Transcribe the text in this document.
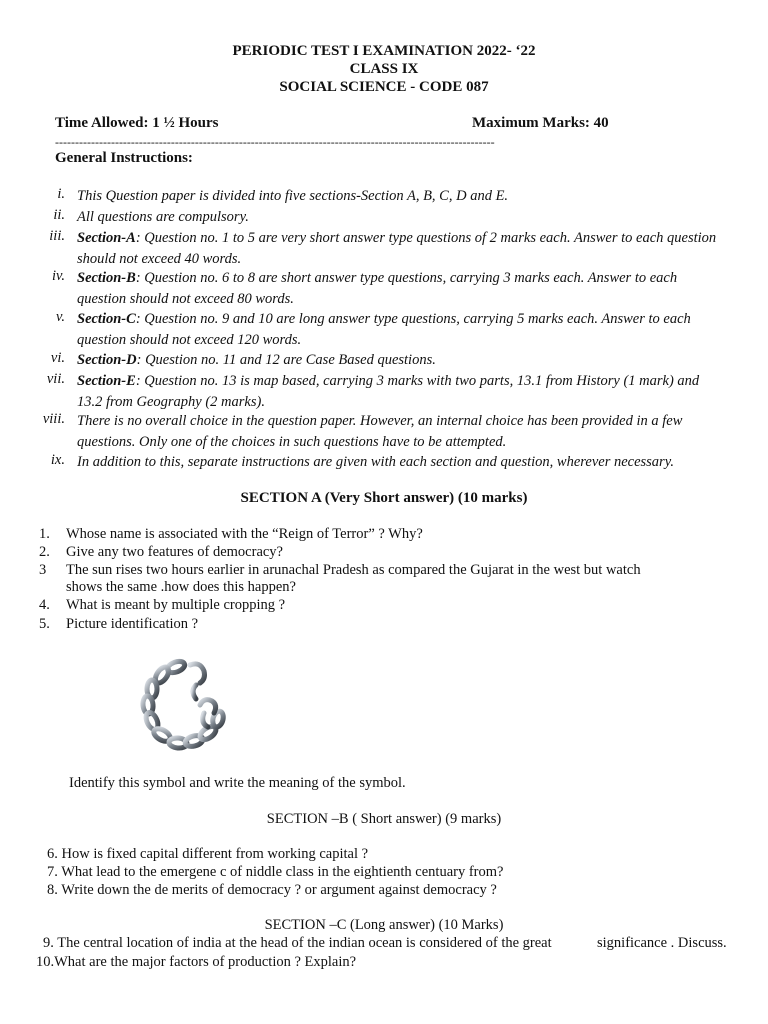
PERIODIC TEST I EXAMINATION 2022- ‘22
CLASS IX
SOCIAL SCIENCE - CODE 087
Time Allowed: 1 ½ Hours	Maximum Marks: 40
--------------------------------------------------------------------------------------------------------------
General Instructions:
i. This Question paper is divided into five sections-Section A, B, C, D and E.
ii. All questions are compulsory.
iii. Section-A: Question no. 1 to 5 are very short answer type questions of 2 marks each. Answer to each question should not exceed 40 words.
iv. Section-B: Question no. 6 to 8 are short answer type questions, carrying 3 marks each. Answer to each question should not exceed 80 words.
v. Section-C: Question no. 9 and 10 are long answer type questions, carrying 5 marks each. Answer to each question should not exceed 120 words.
vi. Section-D: Question no. 11 and 12 are Case Based questions.
vii. Section-E: Question no. 13 is map based, carrying 3 marks with two parts, 13.1 from History (1 mark) and 13.2 from Geography (2 marks).
viii. There is no overall choice in the question paper. However, an internal choice has been provided in a few questions. Only one of the choices in such questions have to be attempted.
ix. In addition to this, separate instructions are given with each section and question, wherever necessary.
SECTION A (Very Short answer) (10 marks)
1. Whose name is associated with the “Reign of Terror” ? Why?
2. Give any two features of democracy?
3 The sun rises two hours earlier in arunachal Pradesh as compared the Gujarat in the west but watch
shows the same .how does this happen?
4. What is meant by multiple cropping ?
5. Picture identification ?
Identify this symbol and write the meaning of the symbol.
SECTION –B ( Short answer) (9 marks)
6. How is fixed capital different from working capital ?
7. What lead to the emergene c of niddle class in the eightienth centuary from?
8. Write down the de merits of democracy ? or argument against democracy ?
SECTION –C (Long answer) (10 Marks)
9. The central location of india at the head of the indian ocean is considered of the great	significance . Discuss.
10.What are the major factors of production ? Explain?
